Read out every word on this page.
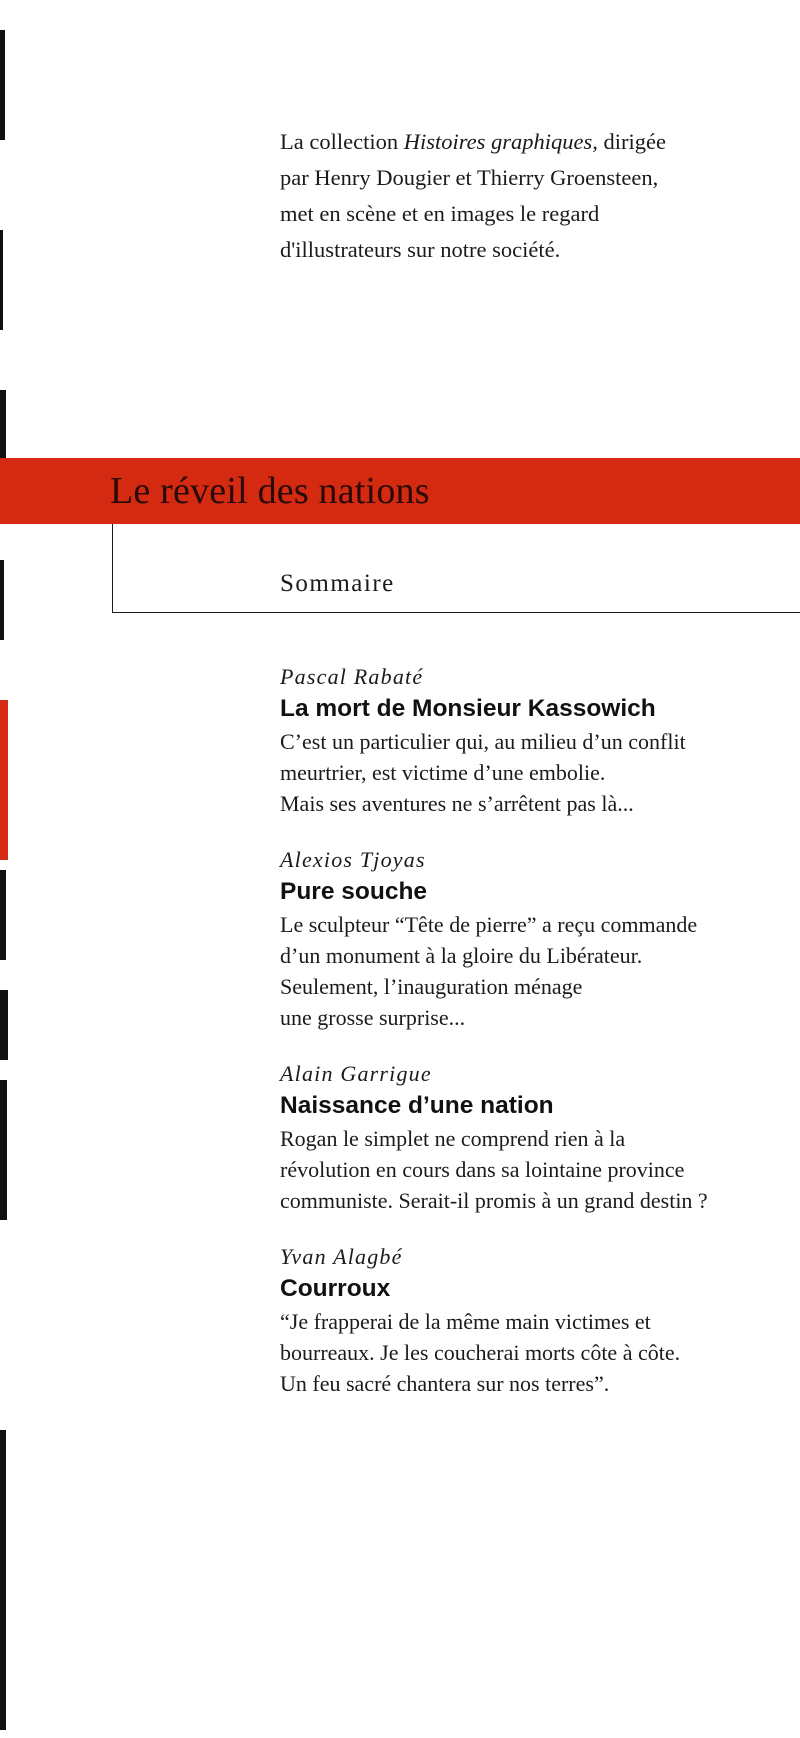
La collection Histoires graphiques, dirigée

par Henry Dougier et Thierry Groensteen,

met en scène et en images le regard

d'illustrateurs sur notre société.

Le réveil des nations
Sommaire

Pascal Rabaté

La mort de Monsieur Kassowich

C’est un particulier qui, au milieu d’un conflit
meurtrier, est victime d’une embolie.
Mais ses aventures ne s’arrêtent pas là...

Alexios Tjoyas

Pure souche

Le sculpteur “Tête de pierre” a reçu commande
d’un monument à la gloire du Libérateur.
Seulement, l’inauguration ménage
une grosse surprise...

Alain Garrigue

Naissance d’une nation

Rogan le simplet ne comprend rien à la
révolution en cours dans sa lointaine province
communiste. Serait-il promis à un grand destin ?

Yvan Alagbé

Courroux

“Je frapperai de la même main victimes et
bourreaux. Je les coucherai morts côte à côte.
Un feu sacré chantera sur nos terres”.
